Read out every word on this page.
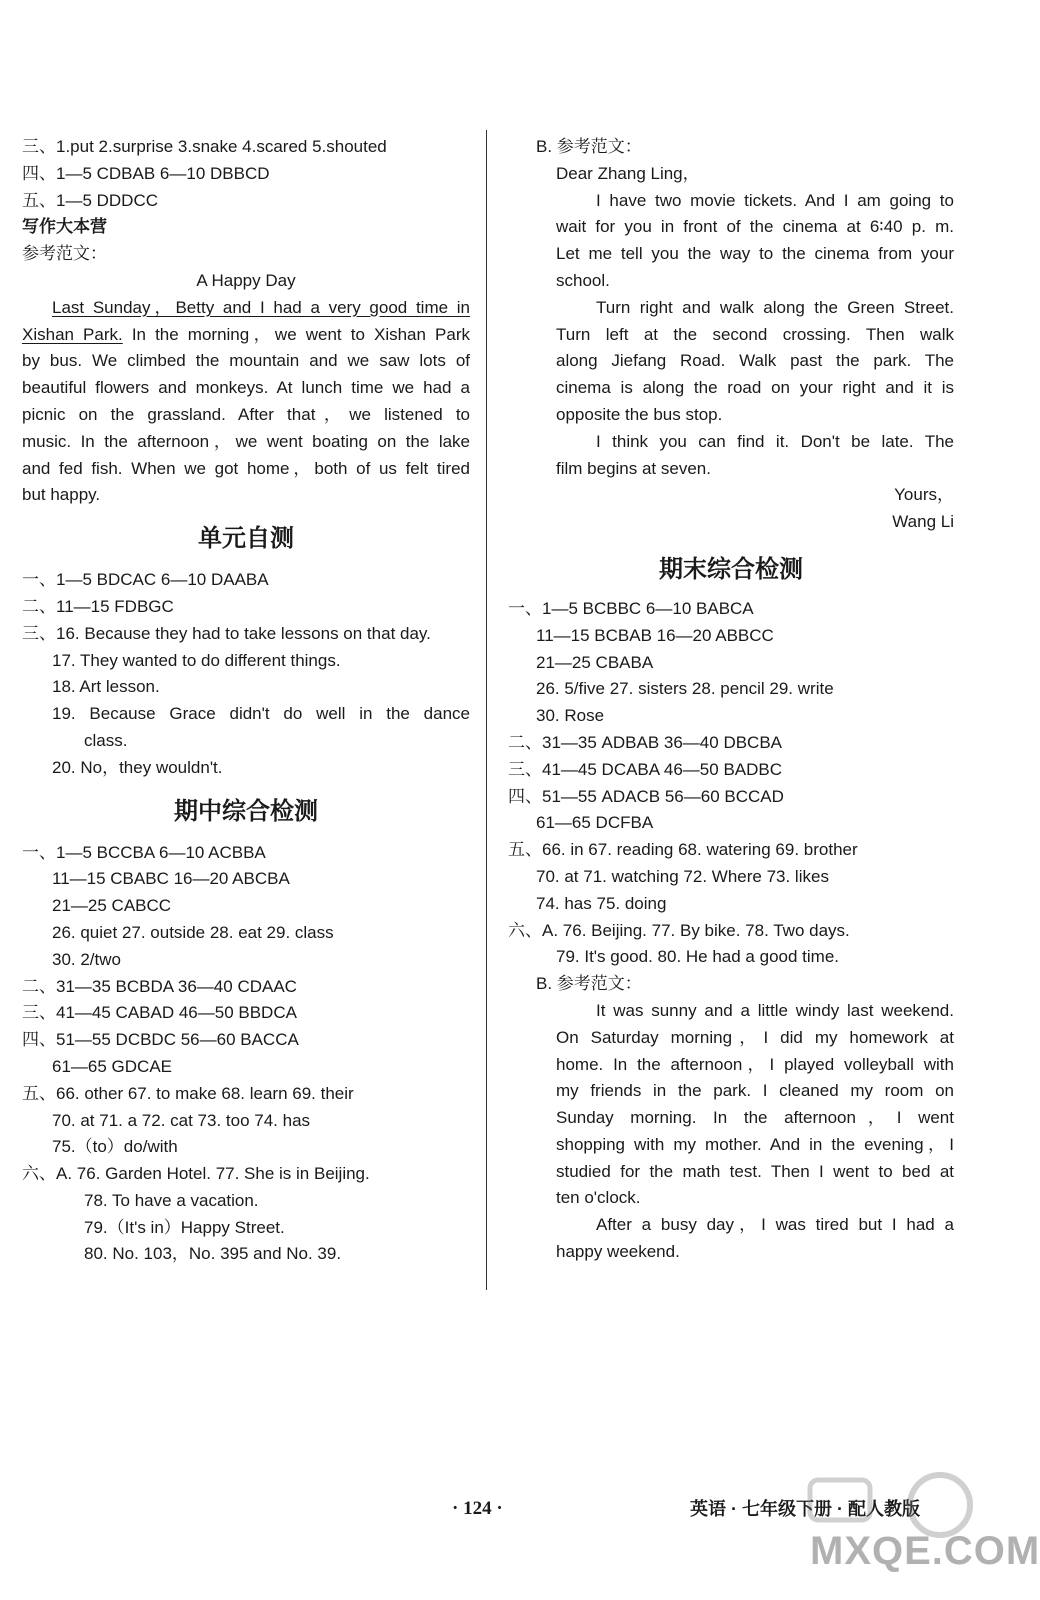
三、1.put 2.surprise 3.snake 4.scared 5.shouted
四、1—5 CDBAB 6—10 DBBCD
五、1—5 DDDCC
写作大本营
参考范文：
A Happy Day
Last Sunday，Betty and I had a very good time in
Xishan Park. In the morning，we went to Xishan Park
by bus. We climbed the mountain and we saw lots of
beautiful flowers and monkeys. At lunch time we had a
picnic on the grassland. After that，we listened to
music. In the afternoon，we went boating on the lake
and fed fish. When we got home，both of us felt tired
but happy.
单元自测
一、1—5 BDCAC 6—10 DAABA
二、11—15 FDBGC
三、16. Because they had to take lessons on that day.
17. They wanted to do different things.
18. Art lesson.
19. Because Grace didn't do well in the dance
class.
20. No，they wouldn't.
期中综合检测
一、1—5 BCCBA 6—10 ACBBA
11—15 CBABC 16—20 ABCBA
21—25 CABCC
26. quiet 27. outside 28. eat 29. class
30. 2/two
二、31—35 BCBDA 36—40 CDAAC
三、41—45 CABAD 46—50 BBDCA
四、51—55 DCBDC 56—60 BACCA
61—65 GDCAE
五、66. other 67. to make 68. learn 69. their
70. at 71. a 72. cat 73. too 74. has
75.（to）do/with
六、A. 76. Garden Hotel. 77. She is in Beijing.
78. To have a vacation.
79.（It's in）Happy Street.
80. No. 103，No. 395 and No. 39.
B. 参考范文：
Dear Zhang Ling，
I have two movie tickets. And I am going to
wait for you in front of the cinema at 6∶40 p. m.
Let me tell you the way to the cinema from your
school.
Turn right and walk along the Green Street.
Turn left at the second crossing. Then walk
along Jiefang Road. Walk past the park. The
cinema is along the road on your right and it is
opposite the bus stop.
I think you can find it. Don't be late. The
film begins at seven.
Yours，
Wang Li
期末综合检测
一、1—5 BCBBC 6—10 BABCA
11—15 BCBAB 16—20 ABBCC
21—25 CBABA
26. 5/five 27. sisters 28. pencil 29. write
30. Rose
二、31—35 ADBAB 36—40 DBCBA
三、41—45 DCABA 46—50 BADBC
四、51—55 ADACB 56—60 BCCAD
61—65 DCFBA
五、66. in 67. reading 68. watering 69. brother
70. at 71. watching 72. Where 73. likes
74. has 75. doing
六、A. 76. Beijing. 77. By bike. 78. Two days.
79. It's good. 80. He had a good time.
B. 参考范文：
It was sunny and a little windy last weekend.
On Saturday morning，I did my homework at
home. In the afternoon，I played volleyball with
my friends in the park. I cleaned my room on
Sunday morning. In the afternoon，I went
shopping with my mother. And in the evening，I
studied for the math test. Then I went to bed at
ten o'clock.
After a busy day，I was tired but I had a
happy weekend.
· 124 ·	英语 · 七年级下册 · 配人教版
MXQE.COM
